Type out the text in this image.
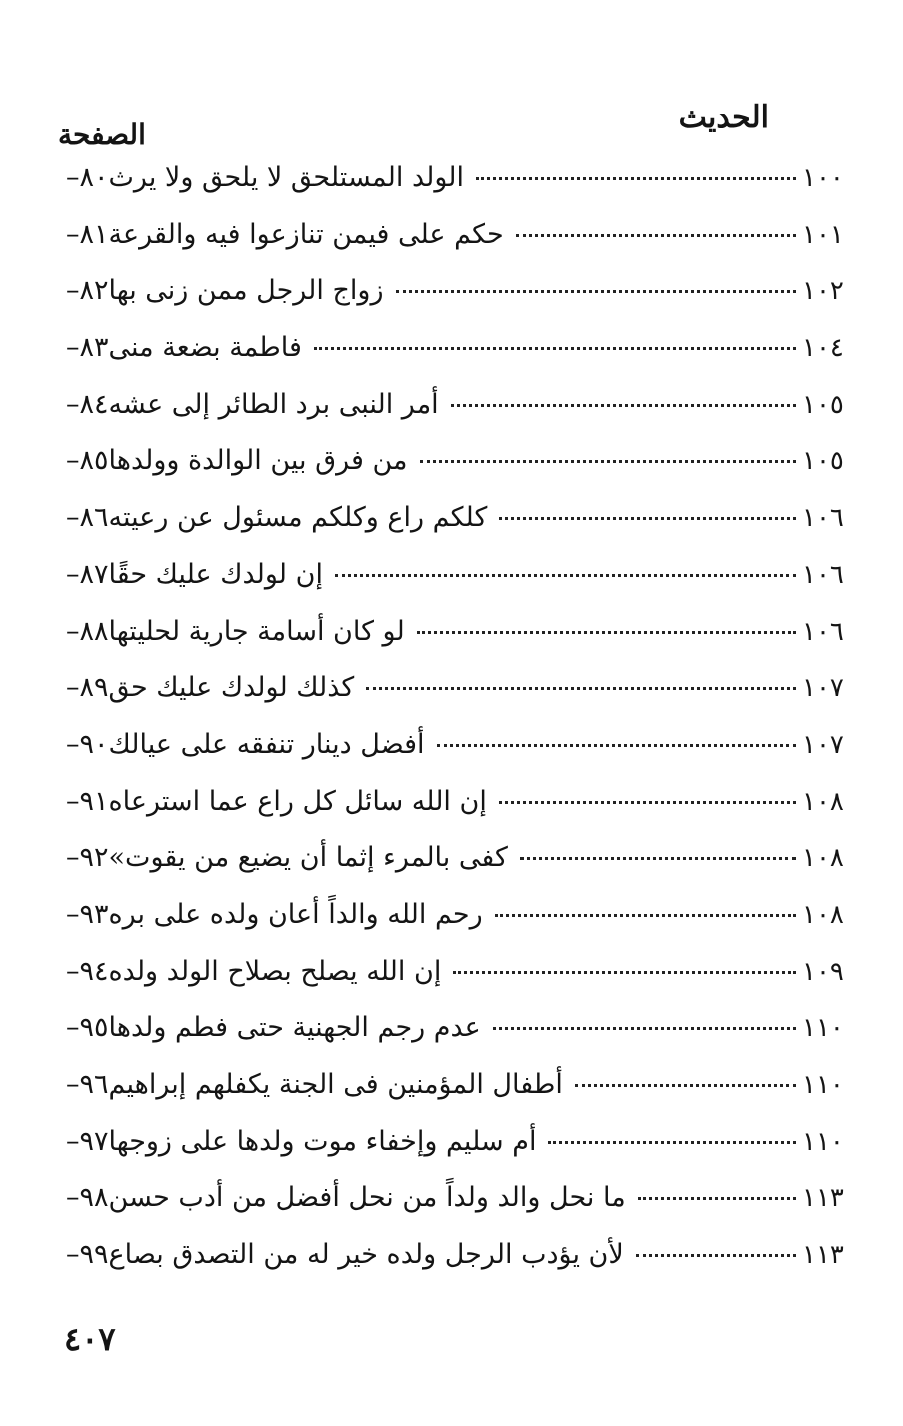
الحديث
الصفحة
٨٠– الولد المستلحق لا يلحق ولا يرث	١٠٠
٨١– حكم على فيمن تنازعوا فيه والقرعة	١٠١
٨٢– زواج الرجل ممن زنى بها	١٠٢
٨٣– فاطمة بضعة منى	١٠٤
٨٤– أمر النبى برد الطائر إلى عشه	١٠٥
٨٥– من فرق بين الوالدة وولدها	١٠٥
٨٦– كلكم راع وكلكم مسئول عن رعيته	١٠٦
٨٧– إن لولدك عليك حقًا	١٠٦
٨٨– لو كان أسامة جارية لحليتها	١٠٦
٨٩– كذلك لولدك عليك حق	١٠٧
٩٠– أفضل دينار تنفقه على عيالك	١٠٧
٩١– إن الله سائل كل راع عما استرعاه	١٠٨
٩٢– كفى بالمرء إثما أن يضيع من يقوت»	١٠٨
٩٣– رحم الله والداً أعان ولده على بره	١٠٨
٩٤– إن الله يصلح بصلاح الولد ولده	١٠٩
٩٥– عدم رجم الجهنية حتى فطم ولدها	١١٠
٩٦– أطفال المؤمنين فى الجنة يكفلهم إبراهيم	١١٠
٩٧– أم سليم وإخفاء موت ولدها على زوجها	١١٠
٩٨– ما نحل والد ولداً من نحل أفضل من أدب حسن	١١٣
٩٩– لأن يؤدب الرجل ولده خير له من التصدق بصاع	١١٣
٤٠٧
